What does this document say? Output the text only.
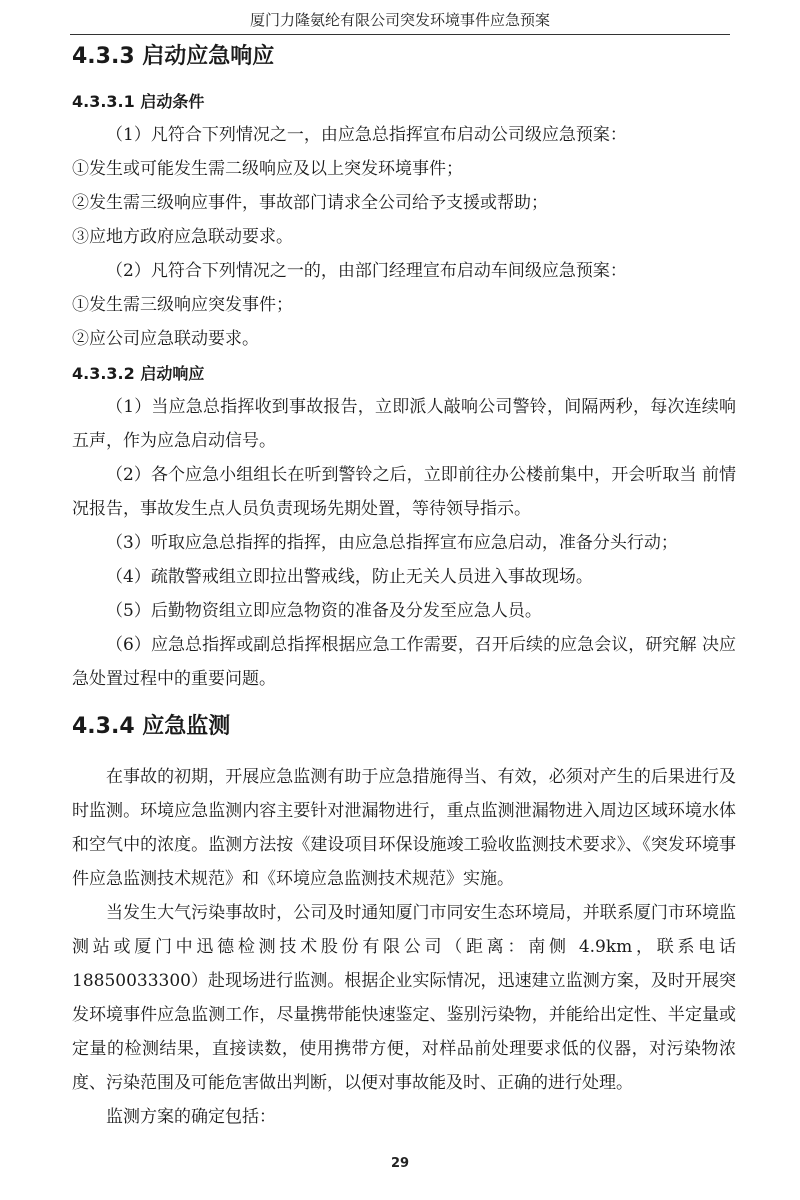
厦门力隆氨纶有限公司突发环境事件应急预案
4.3.3 启动应急响应
4.3.3.1 启动条件

（1）凡符合下列情况之一，由应急总指挥宣布启动公司级应急预案：

①发生或可能发生需二级响应及以上突发环境事件；

②发生需三级响应事件，事故部门请求全公司给予支援或帮助；

③应地方政府应急联动要求。

（2）凡符合下列情况之一的，由部门经理宣布启动车间级应急预案：

①发生需三级响应突发事件；

②应公司应急联动要求。

4.3.3.2 启动响应

（1）当应急总指挥收到事故报告，立即派人敲响公司警铃，间隔两秒，每次连续响五声，作为应急启动信号。

（2）各个应急小组组长在听到警铃之后，立即前往办公楼前集中，开会听取当 前情况报告，事故发生点人员负责现场先期处置，等待领导指示。

（3）听取应急总指挥的指挥，由应急总指挥宣布应急启动，准备分头行动；

（4）疏散警戒组立即拉出警戒线，防止无关人员进入事故现场。

（5）后勤物资组立即应急物资的准备及分发至应急人员。

（6）应急总指挥或副总指挥根据应急工作需要，召开后续的应急会议，研究解 决应急处置过程中的重要问题。

4.3.4 应急监测

在事故的初期，开展应急监测有助于应急措施得当、有效，必须对产生的后果进行及时监测。环境应急监测内容主要针对泄漏物进行，重点监测泄漏物进入周边区域环境水体和空气中的浓度。监测方法按《建设项目环保设施竣工验收监测技术要求》、《突发环境事件应急监测技术规范》和《环境应急监测技术规范》实施。

当发生大气污染事故时，公司及时通知厦门市同安生态环境局，并联系厦门市环境监测站或厦门中迅德检测技术股份有限公司（距离：南侧 4.9km，联系电话 18850033300）赴现场进行监测。根据企业实际情况，迅速建立监测方案，及时开展突发环境事件应急监测工作，尽量携带能快速鉴定、鉴别污染物，并能给出定性、半定量或定量的检测结果，直接读数，使用携带方便，对样品前处理要求低的仪器，对污染物浓度、污染范围及可能危害做出判断，以便对事故能及时、正确的进行处理。

监测方案的确定包括：

29
